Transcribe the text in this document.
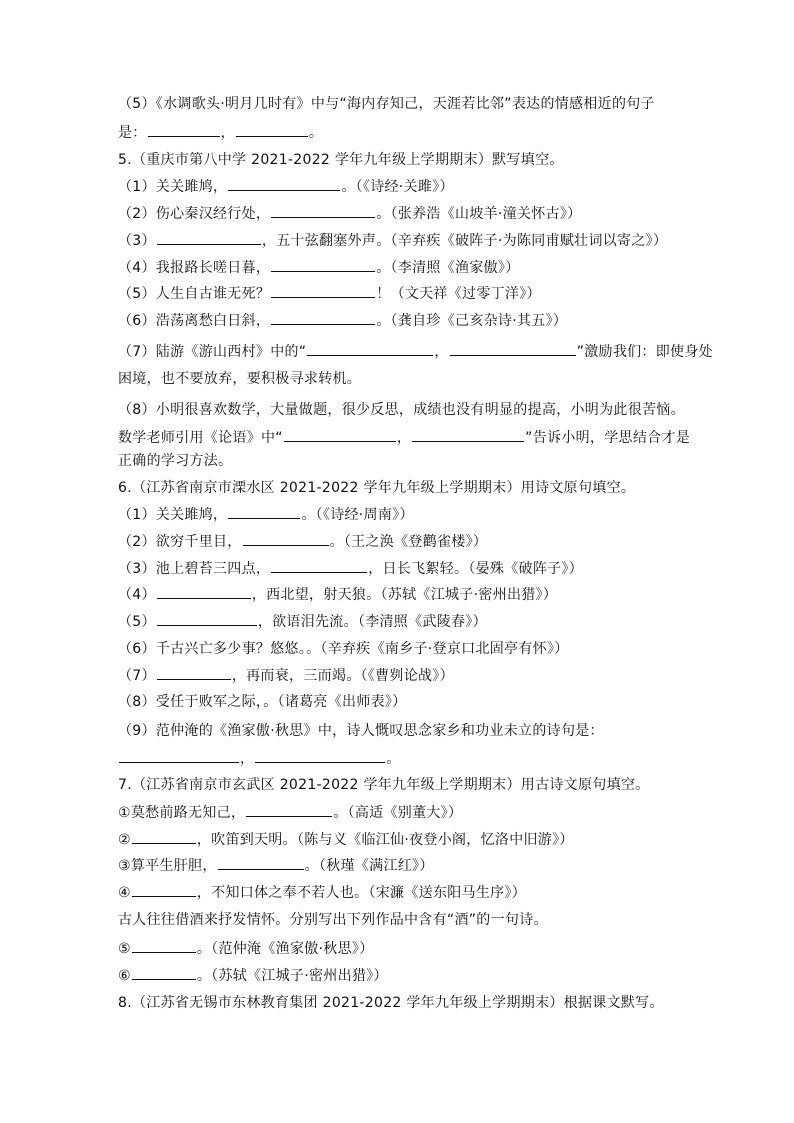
（5）《水调歌头·明月几时有》中与“海内存知己，天涯若比邻”表达的情感相近的句子
是：	，	。
5.（重庆市第八中学 2021-2022 学年九年级上学期期末）默写填空。
（1）关关雎鸠，	。（《诗经·关雎》）
（2）伤心秦汉经行处，	。（张养浩《山坡羊·潼关怀古》）
（3）	，五十弦翻塞外声。（辛弃疾《破阵子·为陈同甫赋壮词以寄之》）
（4）我报路长嗟日暮，	。（李清照《渔家傲》）
（5）人生自古谁无死？	！（文天祥《过零丁洋》）
（6）浩荡离愁白日斜，	。（龚自珍《己亥杂诗·其五》）
（7）陆游《游山西村》中的“	，	”激励我们：即使身处
困境，也不要放弃，要积极寻求转机。
（8）小明很喜欢数学，大量做题，很少反思，成绩也没有明显的提高，小明为此很苦恼。
数学老师引用《论语》中“	，	”告诉小明，学思结合才是
正确的学习方法。
6.（江苏省南京市溧水区 2021-2022 学年九年级上学期期末）用诗文原句填空。
（1）关关雎鸠，	。（《诗经·周南》）
（2）欲穷千里目，	。（王之涣《登鹳雀楼》）
（3）池上碧苔三四点，	，日长飞絮轻。（晏殊《破阵子》）
（4）	，西北望，射天狼。（苏轼《江城子·密州出猎》）
（5）	，欲语泪先流。（李清照《武陵春》）
（6）千古兴亡多少事？悠悠。。（辛弃疾《南乡子·登京口北固亭有怀》）
（7）	，再而衰，三而竭。（《曹刿论战》）
（8）受任于败军之际，。（诸葛亮《出师表》）
（9）范仲淹的《渔家傲·秋思》中，诗人慨叹思念家乡和功业未立的诗句是：
，	。
7.（江苏省南京市玄武区 2021-2022 学年九年级上学期期末）用古诗文原句填空。
①莫愁前路无知己，	。（高适《别董大》）
②	，吹笛到天明。（陈与义《临江仙·夜登小阁，忆洛中旧游》）
③算平生肝胆，	。（秋瑾《满江红》）
④	，不知口体之奉不若人也。（宋濂《送东阳马生序》）
古人往往借酒来抒发情怀。分别写出下列作品中含有“酒”的一句诗。
⑤	。（范仲淹《渔家傲·秋思》）
⑥	。（苏轼《江城子·密州出猎》）
8.（江苏省无锡市东林教育集团 2021-2022 学年九年级上学期期末）根据课文默写。
